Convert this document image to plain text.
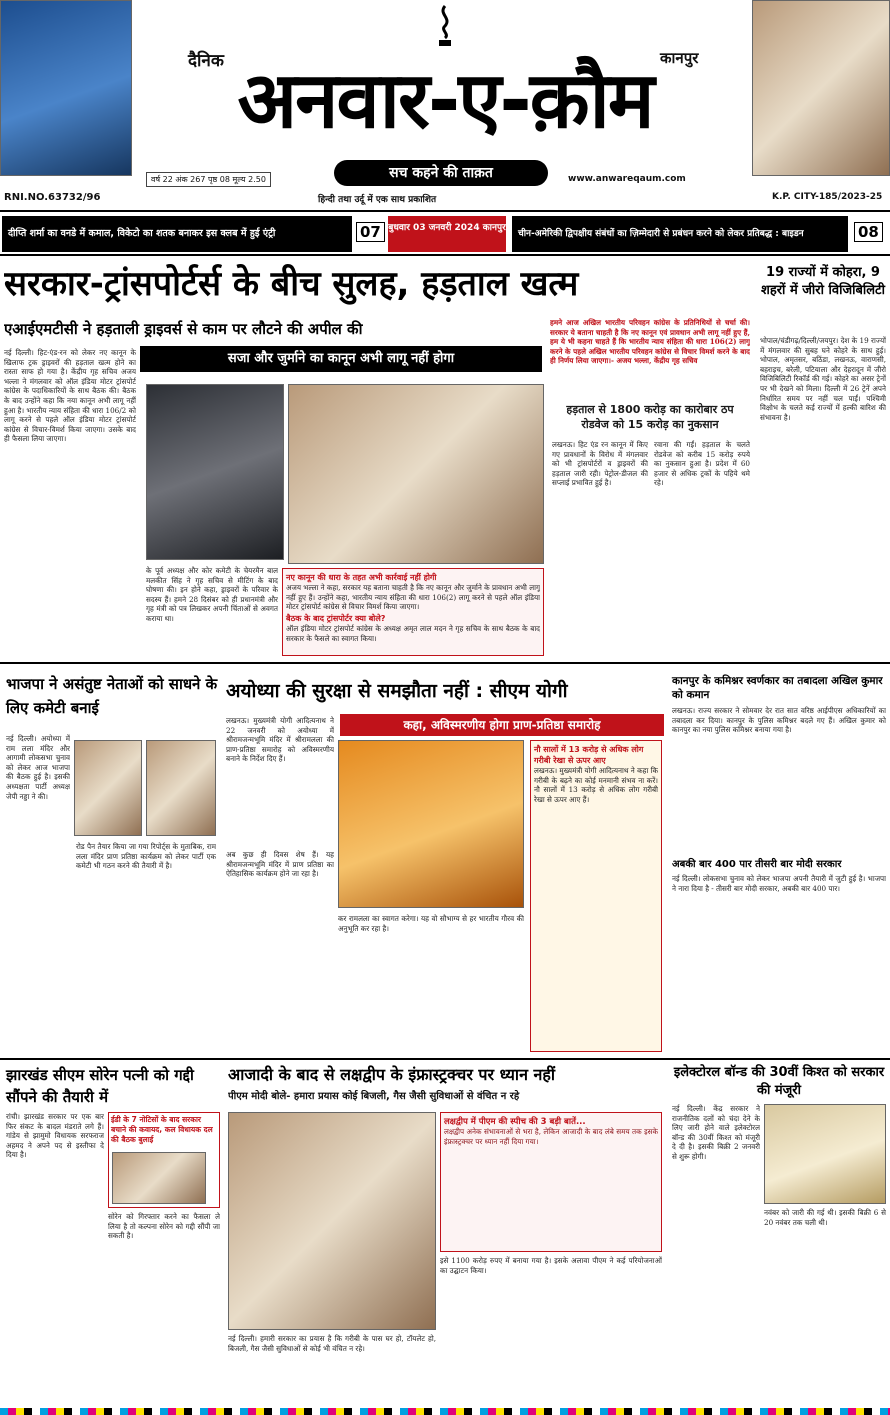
दैनिक	कानपुर
अनवार-ए-क़ौम
वर्ष 22 अंक 267 पृष्ठ 08 मूल्य 2.50	सच कहने की ताक़त	www.anwareqaum.com
RNI.NO.63732/96	हिन्दी तथा उर्दू में एक साथ प्रकाशित	K.P. CITY-185/2023-25
दीप्ति शर्मा का वनडे में कमाल, विकेटो का शतक बनाकर इस क्लब में हुई एंट्री	07 बुधवार 03 जनवरी 2024 कानपुर
चीन-अमेरिकी द्विपक्षीय संबंधों का ज़िम्मेदारी से प्रबंधन करने को लेकर प्रतिबद्ध : बाइडन	08
सरकार-ट्रांसपोर्टर्स के बीच सुलह, हड़ताल खत्म
एआईएमटीसी ने हड़ताली ड्राइवर्स से काम पर लौटने की अपील की
सजा और जुर्माने का कानून अभी लागू नहीं होगा
नई दिल्ली। हिट-एंड-रन को लेकर नए कानून के खिलाफ ट्रक ड्राइवरों की हड़ताल खत्म होने का रास्ता साफ हो गया है। केंद्रीय गृह सचिव अजय भल्ला ने मंगलवार को ऑल इंडिया मोटर ट्रांसपोर्ट कांग्रेस के पदाधिकारियों के साथ बैठक की। बैठक के बाद उन्होंने कहा कि नया कानून अभी लागू नहीं हुआ है। भारतीय न्याय संहिता की धारा 106/2 को लागू करने से पहले ऑल इंडिया मोटर ट्रांसपोर्ट कांग्रेस से विचार-विमर्श किया जाएगा। उसके बाद ही फैसला लिया जाएगा।
के पूर्व अध्यक्ष और कोर कमेटी के चेयरमैन बाल मलकीत सिंह ने गृह सचिव से मीटिंग के बाद घोषणा की। इन होने कहा, ड्राइवरों के परिवार के सदस्य हैं। हमने 28 दिसंबर को ही प्रधानमंत्री और गृह मंत्री को पत्र लिखकर अपनी चिंताओं से अवगत कराया था।
नए कानून की धारा के तहत अभी कार्रवाई नहीं होगी
अजय भल्ला ने कहा, सरकार यह बताना चाहती है कि नए कानून और जुर्माने के प्रावधान अभी लागू नहीं हुए हैं। उन्होंने कहा, भारतीय न्याय संहिता की धारा 106(2) लागू करने से पहले ऑल इंडिया मोटर ट्रांसपोर्ट कांग्रेस से विचार विमर्श किया जाएगा।
बैठक के बाद ट्रांसपोर्टर क्या बोले?
ऑल इंडिया मोटर ट्रांसपोर्ट कांग्रेस के अध्यक्ष अमृत लाल मदन ने गृह सचिव के साथ बैठक के बाद सरकार के फैसले का स्वागत किया।
हमने आज अखिल भारतीय परिवहन कांग्रेस के प्रतिनिधियों से चर्चा की। सरकार ये बताना चाहती है कि नए कानून एवं प्रावधान अभी लागू नहीं हुए हैं, हम ये भी कहना चाहते हैं कि भारतीय न्याय संहिता की धारा 106(2) लागू करने के पहले अखिल भारतीय परिवहन कांग्रेस से विचार विमर्श करने के बाद ही निर्णय लिया जाएगा।- अजय भल्ला, केंद्रीय गृह सचिव
हड़ताल से 1800 करोड़ का कारोबार ठप रोडवेज को 15 करोड़ का नुकसान
लखनऊ। हिट एंड रन कानून में किए गए प्रावधानों के विरोध में मंगलवार को भी ट्रांसपोर्टरों व ड्राइवरों की हड़ताल जारी रही। पेट्रोल-डीजल की सप्लाई प्रभावित हुई है।
रवाना की गईं। हड़ताल के चलते रोडवेज को करीब 15 करोड़ रुपये का नुकसान हुआ है। प्रदेश में 60 हजार से अधिक ट्रकों के पहिये थमे रहे।
19 राज्यों में कोहरा, 9 शहरों में जीरो विजिबिलिटी
भोपाल/चंडीगढ़/दिल्ली/जयपुर। देश के 19 राज्यों में मंगलवार की सुबह घने कोहरे के साथ हुई। भोपाल, अमृतसर, बठिंडा, लखनऊ, वाराणसी, बहराइच, बरेली, पटियाला और देहरादून में जीरो विजिबिलिटी रिकॉर्ड की गई। कोहरे का असर ट्रेनों पर भी देखने को मिला। दिल्ली में 26 ट्रेनें अपने निर्धारित समय पर नहीं चल पाईं। पश्चिमी विक्षोभ के चलते कई राज्यों में हल्की बारिश की संभावना है।
भाजपा ने असंतुष्ट नेताओं को साधने के लिए कमेटी बनाई
नई दिल्ली। अयोध्या में राम लला मंदिर और आगामी लोकसभा चुनाव को लेकर आज भाजपा की बैठक हुई है। इसकी अध्यक्षता पार्टी अध्यक्ष जेपी नड्डा ने की।
रोड पैन तैयार किया जा गया रिपोर्ट्स के मुताबिक, राम लला मंदिर प्राण प्रतिष्ठा कार्यक्रम को लेकर पार्टी एक कमेटी भी गठन करने की तैयारी में है।
अयोध्या की सुरक्षा से समझौता नहीं : सीएम योगी
कहा, अविस्मरणीय होगा प्राण-प्रतिष्ठा समारोह
लखनऊ। मुख्यमंत्री योगी आदित्यनाथ ने 22 जनवरी को अयोध्या में श्रीरामजन्मभूमि मंदिर में श्रीरामलला की प्राण-प्रतिष्ठा समारोह को अविस्मरणीय बनाने के निर्देश दिए हैं।
नौ सालों में 13 करोड़ से अधिक लोग गरीबी रेखा से ऊपर आए
लखनऊ। मुख्यमंत्री योगी आदित्यनाथ ने कहा कि गरीबी के बढ़ने का कोई मनमानी संभव ना करें। नौ सालों में 13 करोड़ से अधिक लोग गरीबी रेखा से ऊपर आए हैं।
अब कुछ ही दिवस शेष हैं। यह श्रीरामजन्मभूमि मंदिर में प्राण प्रतिष्ठा का ऐतिहासिक कार्यक्रम होने जा रहा है।
कर रामलला का स्वागत करेगा। यह वो सौभाग्य से हर भारतीय गौरव की अनुभूति कर रहा है।
कानपुर के कमिश्नर स्वर्णकार का तबादला अखिल कुमार को कमान
लखनऊ। राज्य सरकार ने सोमवार देर रात सात वरिष्ठ आईपीएस अधिकारियों का तबादला कर दिया। कानपुर के पुलिस कमिश्नर बदले गए हैं। अखिल कुमार को कानपुर का नया पुलिस कमिश्नर बनाया गया है।
अबकी बार 400 पार तीसरी बार मोदी सरकार
नई दिल्ली। लोकसभा चुनाव को लेकर भाजपा अपनी तैयारी में जुटी हुई है। भाजपा ने नारा दिया है - तीसरी बार मोदी सरकार, अबकी बार 400 पार।
झारखंड सीएम सोरेन पत्नी को गद्दी सौंपने की तैयारी में
रांची। झारखंड सरकार पर एक बार फिर संकट के बादल मंडराते लगे हैं। गांडेय से झामुमो विधायक सरफराज अहमद ने अपने पद से इस्तीफा दे दिया है।
ईडी के 7 नोटिसों के बाद सरकार बचाने की कवायद, कल विधायक दल की बैठक बुलाई
सोरेन को गिरफ्तार करने का फैसला ले लिया है तो कल्पना सोरेन को गद्दी सौंपी जा सकती है।
आजादी के बाद से लक्षद्वीप के इंफ्रास्ट्रक्चर पर ध्यान नहीं
पीएम मोदी बोले- हमारा प्रयास कोई बिजली, गैस जैसी सुविधाओं से वंचित न रहे
लक्षद्वीप में पीएम की स्पीच की 3 बड़ी बातें...
लक्षद्वीप अनेक संभावनाओं से भरा है, लेकिन आजादी के बाद लंबे समय तक इसके इंफ्रास्ट्रक्चर पर ध्यान नहीं दिया गया।
नई दिल्ली। हमारी सरकार का प्रयास है कि गरीबी के पास घर हो, टॉयलेट हो, बिजली, गैस जैसी सुविधाओं से कोई भी वंचित न रहे।
इसे 1100 करोड़ रुपए में बनाया गया है। इसके अलावा पीएम ने कई परियोजनाओं का उद्घाटन किया।
इलेक्टोरल बॉन्ड की 30वीं किश्त को सरकार की मंजूरी
नई दिल्ली। केंद्र सरकार ने राजनीतिक दलों को चंदा देने के लिए जारी होने वाले इलेक्टोरल बॉन्ड की 30वीं किश्त को मंजूरी दे दी है। इसकी बिक्री 2 जनवरी से शुरू होगी।
नवंबर को जारी की गई थी। इसकी बिक्री 6 से 20 नवंबर तक चली थी।
